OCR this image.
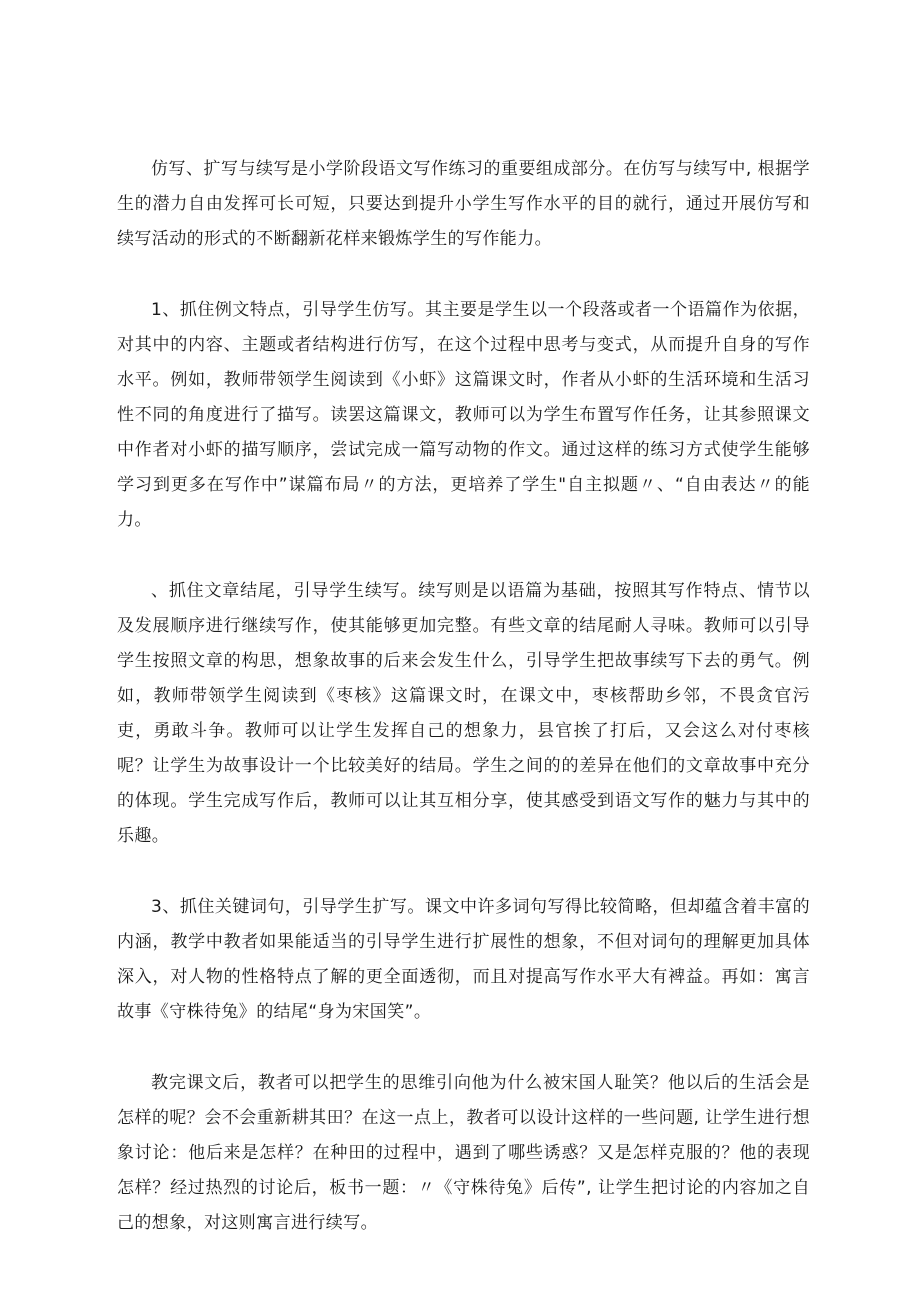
仿写、扩写与续写是小学阶段语文写作练习的重要组成部分。在仿写与续写中, 根据学生的潜力自由发挥可长可短，只要达到提升小学生写作水平的目的就行，通过开展仿写和续写活动的形式的不断翻新花样来锻炼学生的写作能力。

1、抓住例文特点，引导学生仿写。其主要是学生以一个段落或者一个语篇作为依据，对其中的内容、主题或者结构进行仿写，在这个过程中思考与变式，从而提升自身的写作水平。例如，教师带领学生阅读到《小虾》这篇课文时，作者从小虾的生活环境和生活习性不同的角度进行了描写。读罢这篇课文，教师可以为学生布置写作任务，让其参照课文中作者对小虾的描写顺序，尝试完成一篇写动物的作文。通过这样的练习方式使学生能够学习到更多在写作中”谋篇布局〃的方法，更培养了学生"自主拟题〃、“自由表达〃的能力。

、抓住文章结尾，引导学生续写。续写则是以语篇为基础，按照其写作特点、情节以及发展顺序进行继续写作，使其能够更加完整。有些文章的结尾耐人寻味。教师可以引导学生按照文章的构思，想象故事的后来会发生什么，引导学生把故事续写下去的勇气。例如，教师带领学生阅读到《枣核》这篇课文时，在课文中，枣核帮助乡邻，不畏贪官污吏，勇敢斗争。教师可以让学生发挥自己的想象力，县官挨了打后，又会这么对付枣核呢？让学生为故事设计一个比较美好的结局。学生之间的的差异在他们的文章故事中充分的体现。学生完成写作后，教师可以让其互相分享，使其感受到语文写作的魅力与其中的乐趣。

3、抓住关键词句，引导学生扩写。课文中许多词句写得比较简略，但却蕴含着丰富的内涵，教学中教者如果能适当的引导学生进行扩展性的想象，不但对词句的理解更加具体深入，对人物的性格特点了解的更全面透彻，而且对提高写作水平大有裨益。再如：寓言故事《守株待兔》的结尾“身为宋国笑”。

教完课文后，教者可以把学生的思维引向他为什么被宋国人耻笑？他以后的生活会是怎样的呢？会不会重新耕其田？在这一点上，教者可以设计这样的一些问题, 让学生进行想象讨论：他后来是怎样？在种田的过程中，遇到了哪些诱惑？又是怎样克服的？他的表现怎样？经过热烈的讨论后，板书一题：〃《守株待兔》后传”, 让学生把讨论的内容加之自己的想象，对这则寓言进行续写。
